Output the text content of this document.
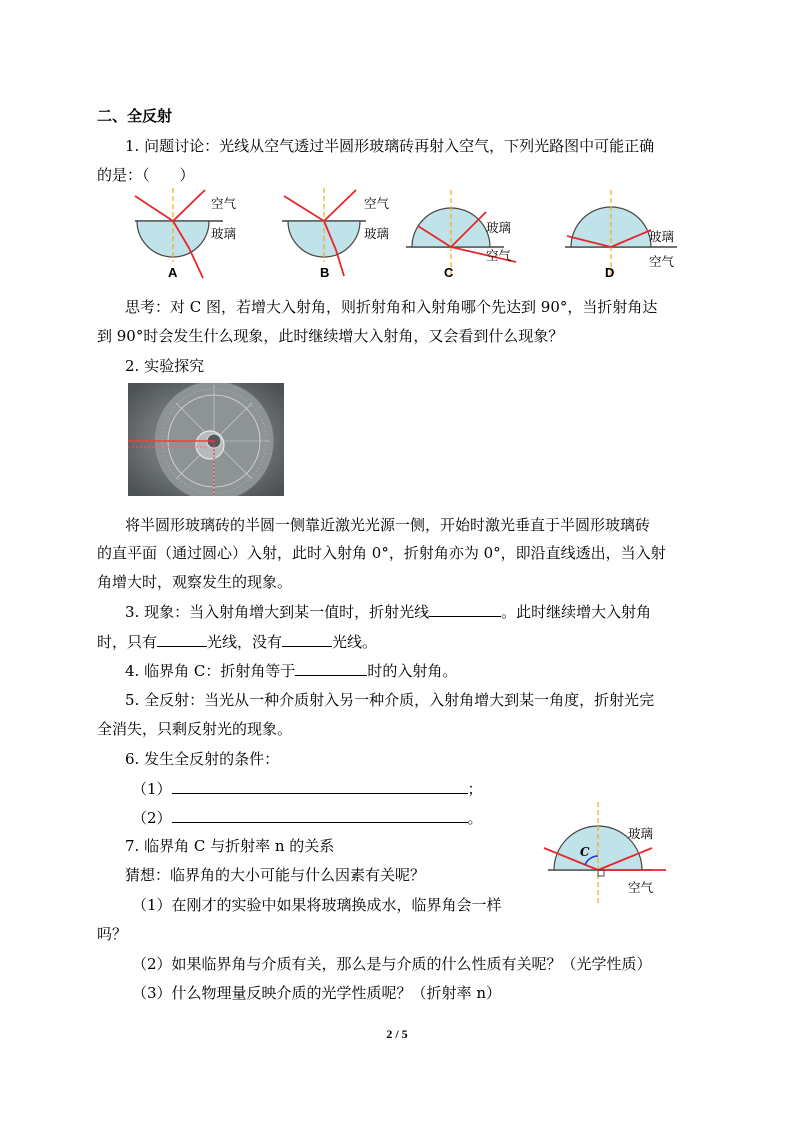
二、全反射
1. 问题讨论：光线从空气透过半圆形玻璃砖再射入空气，下列光路图中可能正确
的是：（　　）
空气
玻璃
A
空气
玻璃
B
玻璃
空气
C
玻璃
空气
D
思考：对 C 图，若增大入射角，则折射角和入射角哪个先达到 90°，当折射角达
到 90°时会发生什么现象，此时继续增大入射角，又会看到什么现象？
2. 实验探究
将半圆形玻璃砖的半圆一侧靠近激光光源一侧，开始时激光垂直于半圆形玻璃砖
的直平面（通过圆心）入射，此时入射角 0°，折射角亦为 0°，即沿直线透出，当入射
角增大时，观察发生的现象。
3. 现象：当入射角增大到某一值时，折射光线	。此时继续增大入射角
时，只有	光线，没有	光线。
4. 临界角 C：折射角等于	时的入射角。
5. 全反射：当光从一种介质射入另一种介质，入射角增大到某一角度，折射光完
全消失，只剩反射光的现象。
6. 发生全反射的条件：
（1）	；
（2）	。
7. 临界角 C 与折射率 n 的关系
猜想：临界角的大小可能与什么因素有关呢？
（1）在刚才的实验中如果将玻璃换成水，临界角会一样
吗？
（2）如果临界角与介质有关，那么是与介质的什么性质有关呢？（光学性质）
（3）什么物理量反映介质的光学性质呢？（折射率 n）
C
玻璃
空气
2 / 5
